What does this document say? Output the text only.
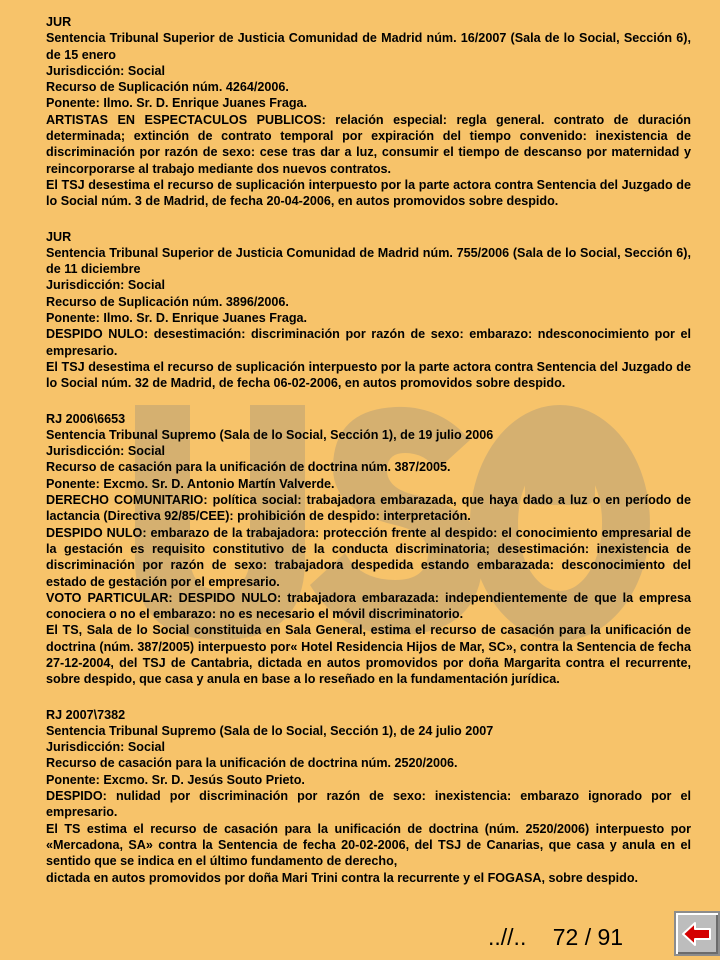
JUR

Sentencia Tribunal Superior de Justicia Comunidad de Madrid núm. 16/2007 (Sala de lo Social, Sección 6), de 15 enero

Jurisdicción: Social

Recurso de Suplicación núm. 4264/2006.

Ponente: Ilmo. Sr. D. Enrique Juanes Fraga.

ARTISTAS EN ESPECTACULOS PUBLICOS: relación especial: regla general. contrato de duración determinada; extinción de contrato temporal por expiración del tiempo convenido: inexistencia de discriminación por razón de sexo: cese tras dar a luz, consumir el tiempo de descanso por maternidad y reincorporarse al trabajo mediante dos nuevos contratos.

El TSJ desestima el recurso de suplicación interpuesto por la parte actora contra Sentencia del Juzgado de lo Social núm. 3 de Madrid, de fecha 20-04-2006, en autos promovidos sobre despido.

JUR

Sentencia Tribunal Superior de Justicia Comunidad de Madrid núm. 755/2006 (Sala de lo Social, Sección 6), de 11 diciembre

Jurisdicción: Social

Recurso de Suplicación núm. 3896/2006.

Ponente: Ilmo. Sr. D. Enrique Juanes Fraga.

DESPIDO NULO: desestimación: discriminación por razón de sexo: embarazo: ndesconocimiento por el empresario.

El TSJ desestima el recurso de suplicación interpuesto por la parte actora contra Sentencia del Juzgado de lo Social núm. 32 de Madrid, de fecha 06-02-2006, en autos promovidos sobre despido.

RJ 2006\6653

Sentencia Tribunal Supremo (Sala de lo Social, Sección 1), de 19 julio 2006

Jurisdicción: Social

Recurso de casación para la unificación de doctrina núm. 387/2005.

Ponente: Excmo. Sr. D. Antonio Martín Valverde.

DERECHO COMUNITARIO: política social: trabajadora embarazada, que haya dado a luz o en período de lactancia (Directiva 92/85/CEE): prohibición de despido: interpretación.

DESPIDO NULO: embarazo de la trabajadora: protección frente al despido: el conocimiento empresarial de la gestación es requisito constitutivo de la conducta discriminatoria; desestimación: inexistencia de discriminación por razón de sexo: trabajadora despedida estando embarazada: desconocimiento del estado de gestación por el empresario.

VOTO PARTICULAR: DESPIDO NULO: trabajadora embarazada: independientemente de que la empresa conociera o no el embarazo: no es necesario el móvil discriminatorio.

El TS, Sala de lo Social constituida en Sala General, estima el recurso de casación para la unificación de doctrina (núm. 387/2005) interpuesto por« Hotel Residencia Hijos de Mar, SC», contra la Sentencia de fecha 27-12-2004, del TSJ de Cantabria, dictada en autos promovidos por doña Margarita contra el recurrente, sobre despido, que casa y anula en base a lo reseñado en la fundamentación jurídica.

RJ 2007\7382

Sentencia Tribunal Supremo (Sala de lo Social, Sección 1), de 24 julio 2007

Jurisdicción: Social

Recurso de casación para la unificación de doctrina núm. 2520/2006.

Ponente: Excmo. Sr. D. Jesús Souto Prieto.

DESPIDO: nulidad por discriminación por razón de sexo: inexistencia: embarazo ignorado por el empresario.

El TS estima el recurso de casación para la unificación de doctrina (núm. 2520/2006) interpuesto por «Mercadona, SA» contra la Sentencia de fecha 20-02-2006, del TSJ de Canarias, que casa y anula en el sentido que se indica en el último fundamento de derecho,

dictada en autos promovidos por doña Mari Trini contra la recurrente y el FOGASA, sobre despido.

..//.. 72 / 91
